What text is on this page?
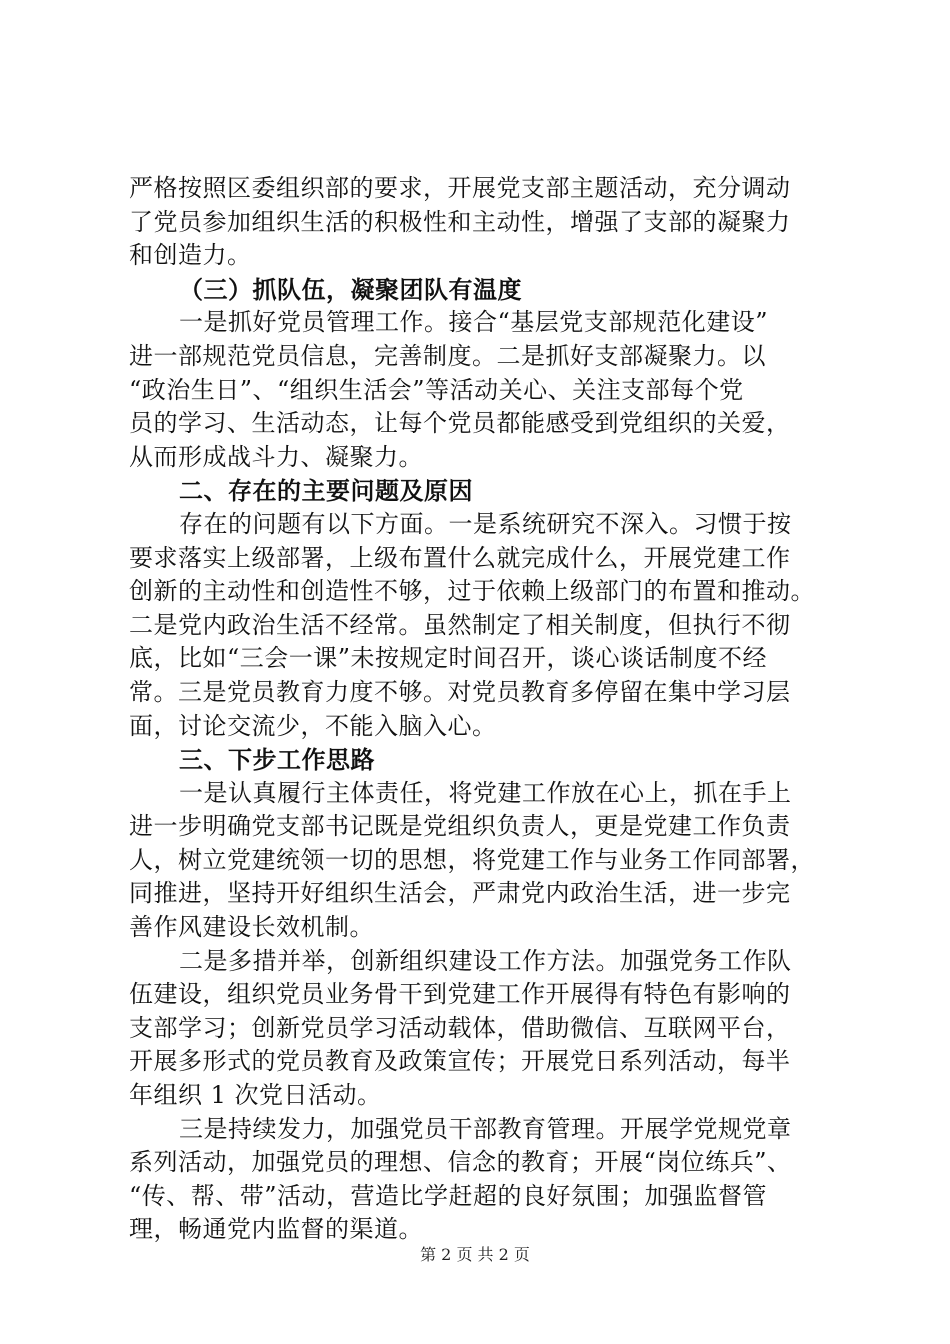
严格按照区委组织部的要求，开展党支部主题活动，充分调动
了党员参加组织生活的积极性和主动性，增强了支部的凝聚力
和创造力。
（三）抓队伍，凝聚团队有温度
一是抓好党员管理工作。接合“基层党支部规范化建设”
进一部规范党员信息，完善制度。二是抓好支部凝聚力。以
“政治生日”、“组织生活会”等活动关心、关注支部每个党
员的学习、生活动态，让每个党员都能感受到党组织的关爱，
从而形成战斗力、凝聚力。
二、存在的主要问题及原因
存在的问题有以下方面。一是系统研究不深入。习惯于按
要求落实上级部署，上级布置什么就完成什么，开展党建工作
创新的主动性和创造性不够，过于依赖上级部门的布置和推动。
二是党内政治生活不经常。虽然制定了相关制度，但执行不彻
底，比如“三会一课”未按规定时间召开，谈心谈话制度不经
常。三是党员教育力度不够。对党员教育多停留在集中学习层
面，讨论交流少，不能入脑入心。
三、下步工作思路
一是认真履行主体责任，将党建工作放在心上，抓在手上
进一步明确党支部书记既是党组织负责人，更是党建工作负责
人，树立党建统领一切的思想，将党建工作与业务工作同部署，
同推进，坚持开好组织生活会，严肃党内政治生活，进一步完
善作风建设长效机制。
二是多措并举，创新组织建设工作方法。加强党务工作队
伍建设，组织党员业务骨干到党建工作开展得有特色有影响的
支部学习；创新党员学习活动载体，借助微信、互联网平台，
开展多形式的党员教育及政策宣传；开展党日系列活动，每半
年组织 1 次党日活动。
三是持续发力，加强党员干部教育管理。开展学党规党章
系列活动，加强党员的理想、信念的教育；开展“岗位练兵”、
“传、帮、带”活动，营造比学赶超的良好氛围；加强监督管
理，畅通党内监督的渠道。
第 2 页 共 2 页
